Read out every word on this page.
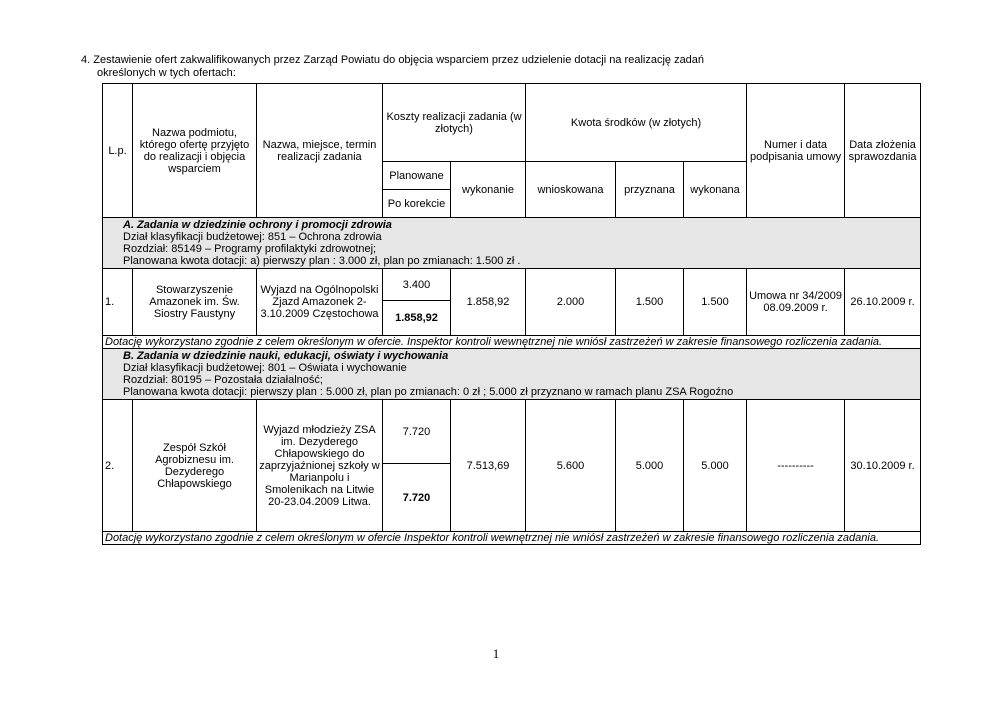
4. Zestawienie ofert zakwalifikowanych przez Zarząd Powiatu do objęcia wsparciem przez udzielenie dotacji na realizację zadań
określonych w tych ofertach:
L.p.	Nazwa podmiotu, którego ofertę przyjęto do realizacji i objęcia wsparciem	Nazwa, miejsce, termin realizacji zadania	Koszty realizacji zadania (w złotych)		Kwota środków (w złotych)			Numer i data podpisania umowy	Data złożenia sprawozdania
			Planowane	wykonanie	wnioskowana	przyznana	wykonana		
			Po korekcie						

A. Zadania w dziedzinie ochrony i promocji zdrowia
Dział klasyfikacji budżetowej: 851 – Ochrona zdrowia
Rozdział: 85149 – Programy profilaktyki zdrowotnej;
Planowana kwota dotacji: a) pierwszy plan : 3.000 zł, plan po zmianach: 1.500 zł .									

1.	Stowarzyszenie Amazonek im. Św. Siostry Faustyny	Wyjazd na Ogólnopolski Zjazd Amazonek 2-3.10.2009 Częstochowa	3.400	1.858,92	2.000	1.500	1.500	Umowa nr 34/2009 08.09.2009 r.	26.10.2009 r.
			1.858,92						
Dotację wykorzystano zgodnie z celem określonym w ofercie. Inspektor kontroli wewnętrznej nie wniósł zastrzeżeń w zakresie finansowego rozliczenia zadania.									

B. Zadania w dziedzinie nauki, edukacji, oświaty i wychowania
Dział klasyfikacji budżetowej: 801 – Oświata i wychowanie
Rozdział: 80195 – Pozostała działalność;
Planowana kwota dotacji: pierwszy plan : 5.000 zł, plan po zmianach: 0 zł ; 5.000 zł przyznano w ramach planu ZSA Rogoźno									

2.	Zespół Szkół Agrobiznesu im. Dezyderego Chłapowskiego	Wyjazd młodzieży ZSA im. Dezyderego Chłapowskiego do zaprzyjaźnionej szkoły w Marianpolu i Smolenikach na Litwie 20-23.04.2009 Litwa.	7.720	7.513,69	5.600	5.000	5.000	----------	30.10.2009 r.
			7.720						
Dotację wykorzystano zgodnie z celem określonym w ofercie Inspektor kontroli wewnętrznej nie wniósł zastrzeżeń w zakresie finansowego rozliczenia zadania.									
1
